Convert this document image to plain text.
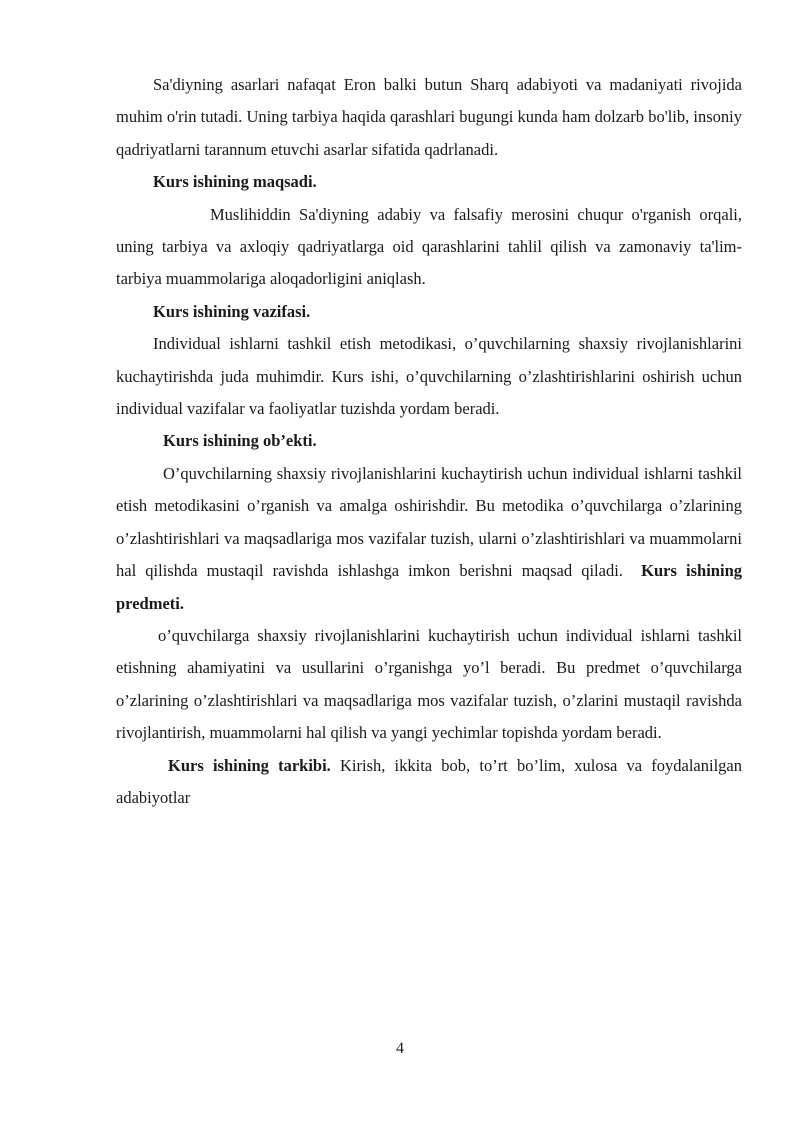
Sa'diyning asarlari nafaqat Eron balki butun Sharq adabiyoti va madaniyati rivojida muhim o'rin tutadi. Uning tarbiya haqida qarashlari bugungi kunda ham dolzarb bo'lib, insoniy qadriyatlarni tarannum etuvchi asarlar sifatida qadrlanadi.

Kurs ishining maqsadi.

Muslihiddin Sa'diyning adabiy va falsafiy merosini chuqur o'rganish orqali, uning tarbiya va axloqiy qadriyatlarga oid qarashlarini tahlil qilish va zamonaviy ta'lim-tarbiya muammolariga aloqadorligini aniqlash.

Kurs ishining vazifasi.

Individual ishlarni tashkil etish metodikasi, o’quvchilarning shaxsiy rivojlanishlarini kuchaytirishda juda muhimdir. Kurs ishi, o’quvchilarning o’zlashtirishlarini oshirish uchun individual vazifalar va faoliyatlar tuzishda yordam beradi.

Kurs ishining ob’ekti.

O’quvchilarning shaxsiy rivojlanishlarini kuchaytirish uchun individual ishlarni tashkil etish metodikasini o’rganish va amalga oshirishdir. Bu metodika o’quvchilarga o’zlarining o’zlashtirishlari va maqsadlariga mos vazifalar tuzish, ularni o’zlashtirishlari va muammolarni hal qilishda mustaqil ravishda ishlashga imkon berishni maqsad qiladi. Kurs ishining predmeti.

o’quvchilarga shaxsiy rivojlanishlarini kuchaytirish uchun individual ishlarni tashkil etishning ahamiyatini va usullarini o’rganishga yo’l beradi. Bu predmet o’quvchilarga o’zlarining o’zlashtirishlari va maqsadlariga mos vazifalar tuzish, o’zlarini mustaqil ravishda rivojlantirish, muammolarni hal qilish va yangi yechimlar topishda yordam beradi.

Kurs ishining tarkibi. Kirish, ikkita bob, to’rt bo’lim, xulosa va foydalanilgan adabiyotlar

4
